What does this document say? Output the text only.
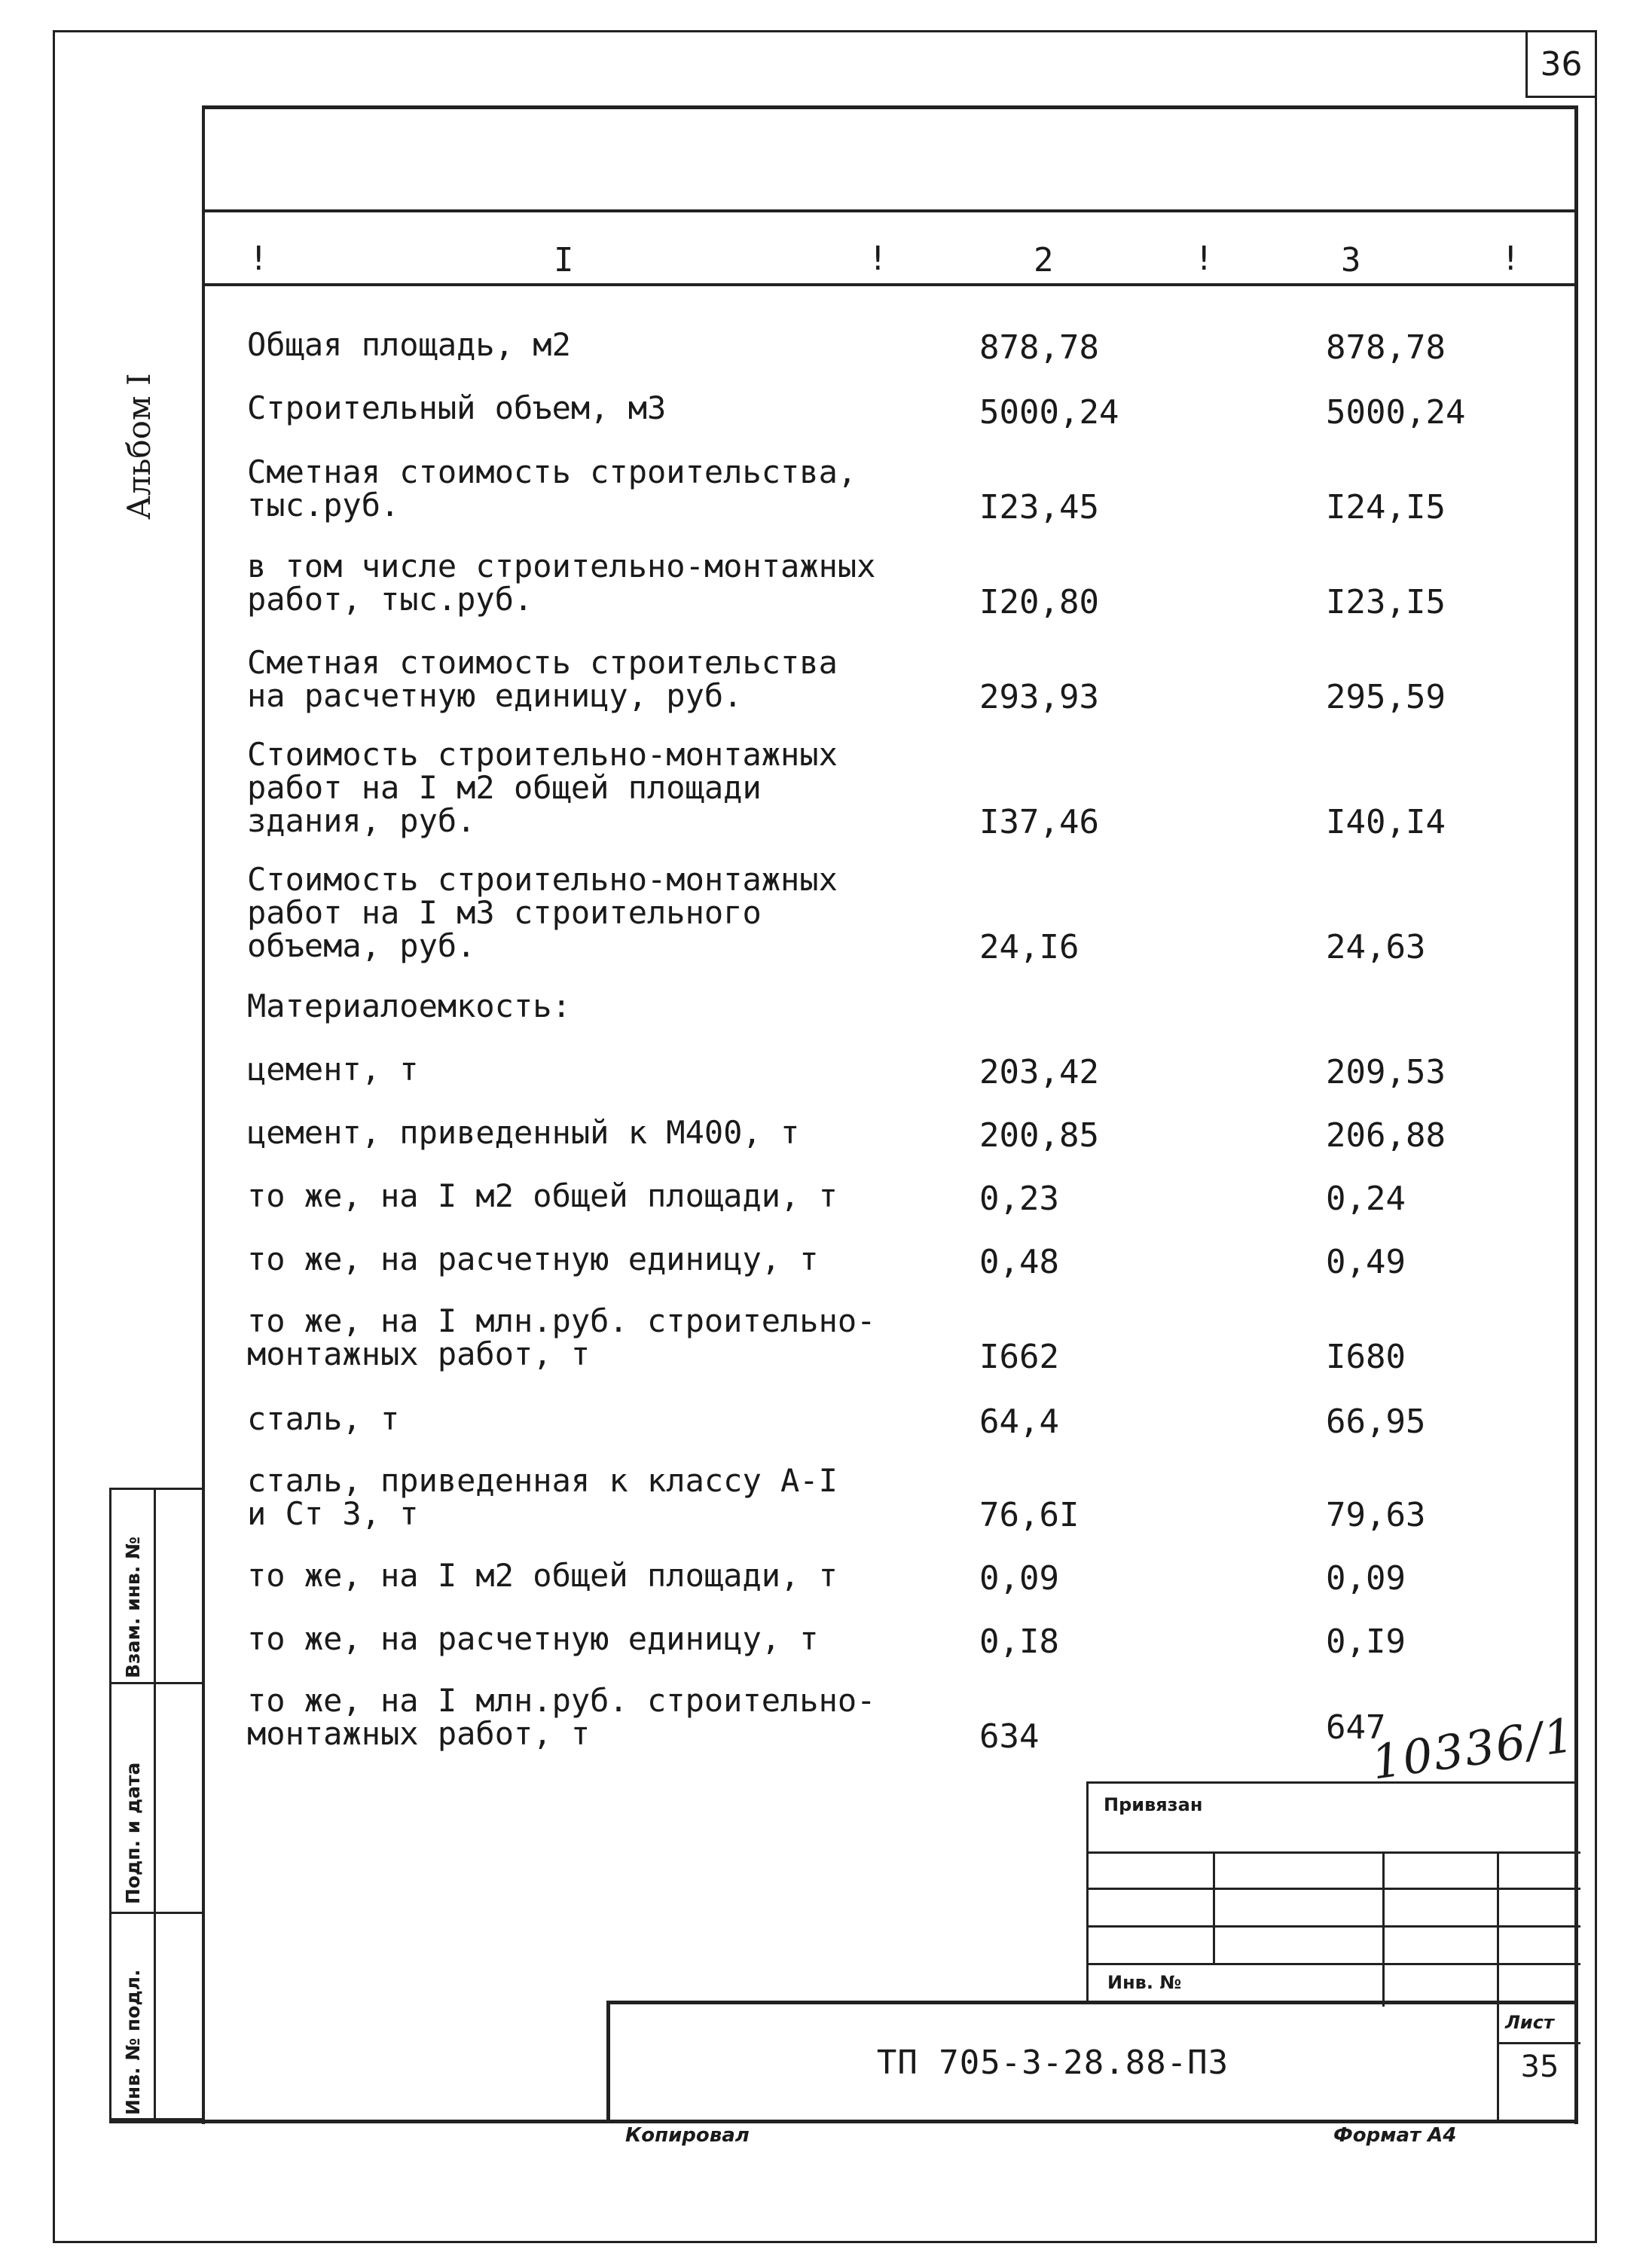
36
!	I	!	2	!	3	!
Альбом I
Взам. инв. №
Подп. и дата
Инв. № подл.
Общая площадь, м2	878,78	878,78
Строительный объем, м3	5000,24	5000,24
Сметная стоимость строительства,
тыс.руб.	I23,45	I24,I5
в том числе строительно-монтажных
работ, тыс.руб.	I20,80	I23,I5
Сметная стоимость строительства
на расчетную единицу, руб.	293,93	295,59
Стоимость строительно-монтажных
работ на I м2 общей площади
здания, руб.	I37,46	I40,I4
Стоимость строительно-монтажных
работ на I м3 строительного
объема, руб.	24,I6	24,63
Материалоемкость:
цемент, т	203,42	209,53
цемент, приведенный к М400, т	200,85	206,88
то же, на I м2 общей площади, т	0,23	0,24
то же, на расчетную единицу, т	0,48	0,49
то же, на I млн.руб. строительно-
монтажных работ, т	I662	I680
сталь, т	64,4	66,95
сталь, приведенная к классу А-I
и Ст 3, т	76,6I	79,63
то же, на I м2 общей площади, т	0,09	0,09
то же, на расчетную единицу, т	0,I8	0,I9
то же, на I млн.руб. строительно-
монтажных работ, т	634	647
10336/1
Привязан
Инв. №
ТП 705-3-28.88-ПЗ
Лист
35
Копировал	Формат А4
